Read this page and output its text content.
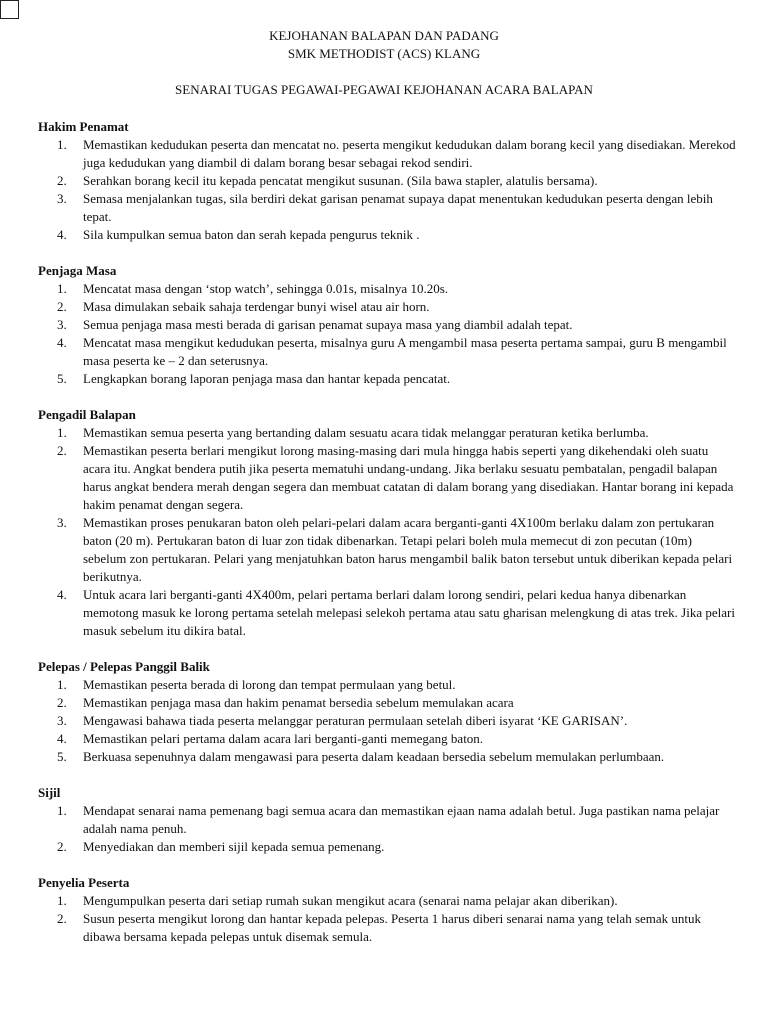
KEJOHANAN BALAPAN DAN PADANG
SMK METHODIST (ACS) KLANG
SENARAI TUGAS PEGAWAI-PEGAWAI KEJOHANAN ACARA BALAPAN
Hakim Penamat
1. Memastikan kedudukan peserta dan mencatat no. peserta mengikut kedudukan dalam borang kecil yang disediakan. Merekod juga kedudukan yang diambil di dalam borang besar sebagai rekod sendiri.
2. Serahkan borang kecil itu kepada pencatat mengikut susunan. (Sila bawa stapler, alatulis bersama).
3. Semasa menjalankan tugas, sila berdiri dekat garisan penamat supaya dapat menentukan kedudukan peserta dengan lebih tepat.
4. Sila kumpulkan semua baton dan serah kepada pengurus teknik .
Penjaga Masa
1. Mencatat masa dengan ‘stop watch’, sehingga 0.01s, misalnya 10.20s.
2. Masa dimulakan sebaik sahaja terdengar bunyi wisel atau air horn.
3. Semua penjaga masa mesti berada di garisan penamat supaya masa yang diambil adalah tepat.
4. Mencatat masa mengikut kedudukan peserta, misalnya guru A mengambil masa peserta pertama sampai, guru B mengambil masa peserta ke – 2 dan seterusnya.
5. Lengkapkan borang laporan penjaga masa dan hantar kepada pencatat.
Pengadil Balapan
1. Memastikan semua peserta yang bertanding dalam sesuatu acara tidak melanggar peraturan ketika berlumba.
2. Memastikan peserta berlari mengikut lorong masing-masing dari mula hingga habis seperti yang dikehendaki oleh suatu acara itu. Angkat bendera putih jika peserta mematuhi undang-undang. Jika berlaku sesuatu pembatalan, pengadil balapan harus angkat bendera merah dengan segera dan membuat catatan di dalam borang yang disediakan. Hantar borang ini kepada hakim penamat dengan segera.
3. Memastikan proses penukaran baton oleh pelari-pelari dalam acara berganti-ganti 4X100m berlaku dalam zon pertukaran baton (20 m). Pertukaran baton di luar zon tidak dibenarkan. Tetapi pelari boleh mula memecut di zon pecutan (10m) sebelum zon pertukaran. Pelari yang menjatuhkan baton harus mengambil balik baton tersebut untuk diberikan kepada pelari berikutnya.
4. Untuk acara lari berganti-ganti 4X400m, pelari pertama berlari dalam lorong sendiri, pelari kedua hanya dibenarkan memotong masuk ke lorong pertama setelah melepasi selekoh pertama atau satu gharisan melengkung di atas trek. Jika pelari masuk sebelum itu dikira batal.
Pelepas / Pelepas Panggil Balik
1. Memastikan peserta berada di lorong dan tempat permulaan yang betul.
2. Memastikan penjaga masa dan hakim penamat bersedia sebelum memulakan acara
3. Mengawasi bahawa tiada peserta melanggar peraturan permulaan setelah diberi isyarat ‘KE GARISAN’.
4. Memastikan pelari pertama dalam acara lari berganti-ganti memegang baton.
5. Berkuasa sepenuhnya dalam mengawasi para peserta dalam keadaan bersedia sebelum memulakan perlumbaan.
Sijil
1. Mendapat senarai nama pemenang bagi semua acara dan memastikan ejaan nama adalah betul. Juga pastikan nama pelajar adalah nama penuh.
2. Menyediakan dan memberi sijil kepada semua pemenang.
Penyelia Peserta
1. Mengumpulkan peserta dari setiap rumah sukan mengikut acara (senarai nama pelajar akan diberikan).
2. Susun peserta mengikut lorong dan hantar kepada pelepas. Peserta 1 harus diberi senarai nama yang telah semak untuk dibawa bersama kepada pelepas untuk disemak semula.
